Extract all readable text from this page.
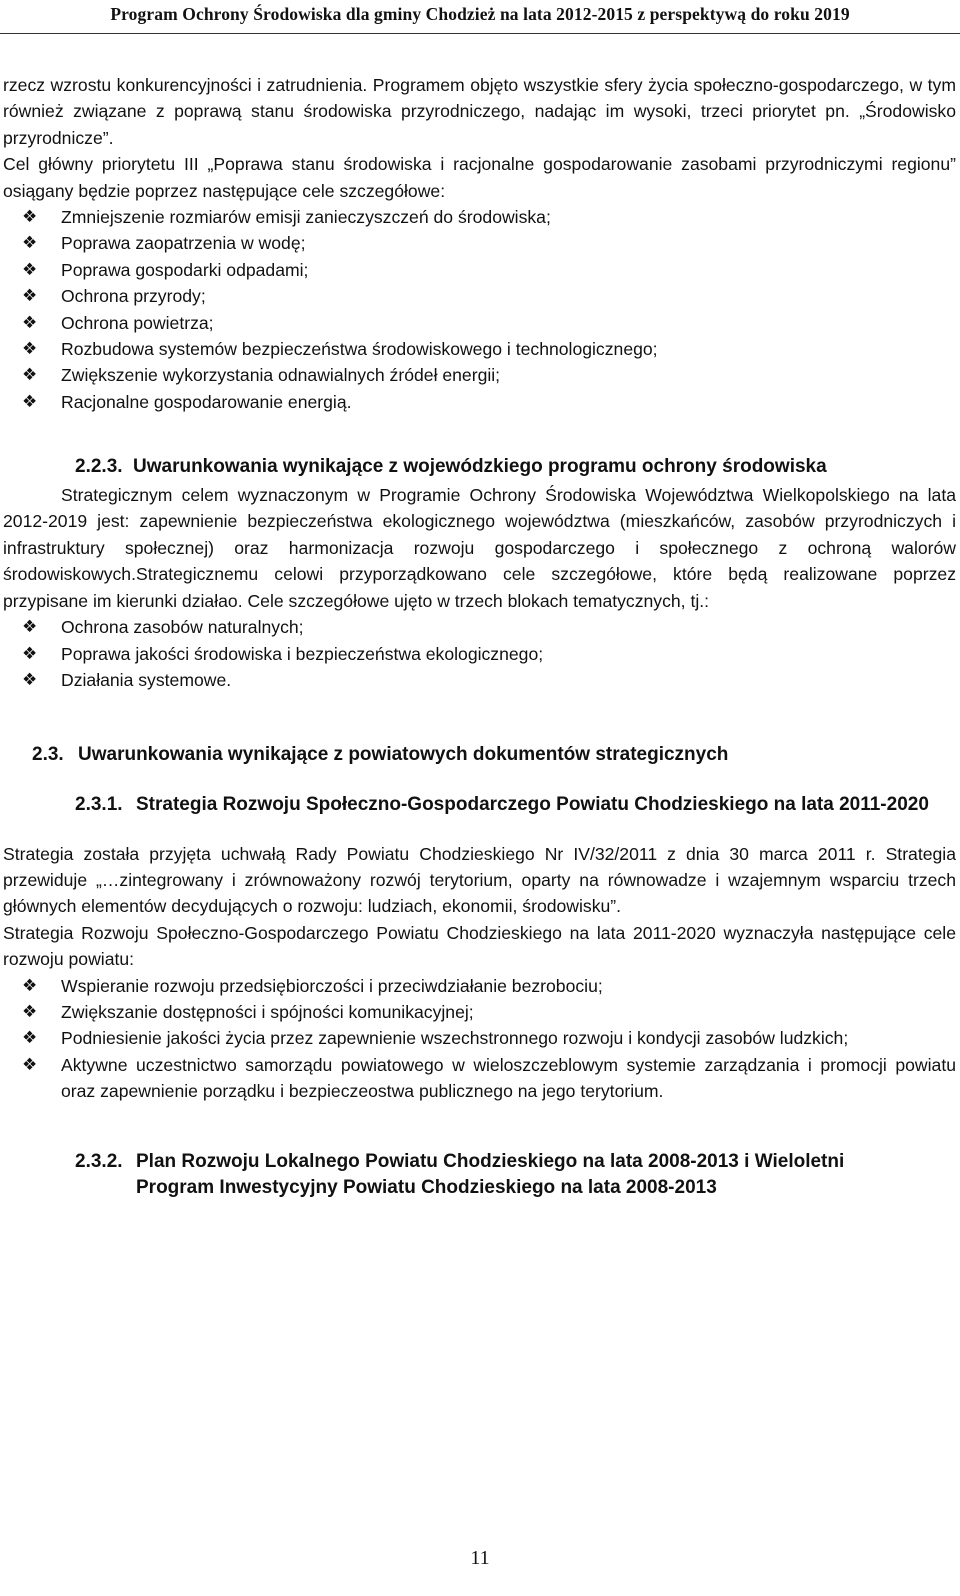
Program Ochrony Środowiska dla gminy Chodzież na lata 2012-2015 z perspektywą do roku 2019

rzecz wzrostu konkurencyjności i zatrudnienia. Programem objęto wszystkie sfery życia społeczno-gospodarczego, w tym również związane z poprawą stanu środowiska przyrodniczego, nadając im wysoki, trzeci priorytet pn. „Środowisko przyrodnicze”.

Cel główny priorytetu III „Poprawa stanu środowiska i racjonalne gospodarowanie zasobami przyrodniczymi regionu” osiągany będzie poprzez następujące cele szczegółowe:

❖ Zmniejszenie rozmiarów emisji zanieczyszczeń do środowiska;
❖ Poprawa zaopatrzenia w wodę;
❖ Poprawa gospodarki odpadami;
❖ Ochrona przyrody;
❖ Ochrona powietrza;
❖ Rozbudowa systemów bezpieczeństwa środowiskowego i technologicznego;
❖ Zwiększenie wykorzystania odnawialnych źródeł energii;
❖ Racjonalne gospodarowanie energią.
2.2.3. Uwarunkowania wynikające z wojewódzkiego programu ochrony środowiska

Strategicznym celem wyznaczonym w Programie Ochrony Środowiska Województwa Wielkopolskiego na lata 2012-2019 jest: zapewnienie bezpieczeństwa ekologicznego województwa (mieszkańców, zasobów przyrodniczych i infrastruktury społecznej) oraz harmonizacja rozwoju gospodarczego i społecznego z ochroną walorów środowiskowych.Strategicznemu celowi przyporządkowano cele szczegółowe, które będą realizowane poprzez przypisane im kierunki działao. Cele szczegółowe ujęto w trzech blokach tematycznych, tj.:

❖ Ochrona zasobów naturalnych;
❖ Poprawa jakości środowiska i bezpieczeństwa ekologicznego;
❖ Działania systemowe.
2.3. Uwarunkowania wynikające z powiatowych dokumentów strategicznych
2.3.1. Strategia Rozwoju Społeczno-Gospodarczego Powiatu Chodzieskiego na lata 2011-2020

Strategia została przyjęta uchwałą Rady Powiatu Chodzieskiego Nr IV/32/2011 z dnia 30 marca 2011 r. Strategia przewiduje „…zintegrowany i zrównoważony rozwój terytorium, oparty na równowadze i wzajemnym wsparciu trzech głównych elementów decydujących o rozwoju: ludziach, ekonomii, środowisku”.

Strategia Rozwoju Społeczno-Gospodarczego Powiatu Chodzieskiego na lata 2011-2020 wyznaczyła następujące cele rozwoju powiatu:

❖ Wspieranie rozwoju przedsiębiorczości i przeciwdziałanie bezrobociu;
❖ Zwiększanie dostępności i spójności komunikacyjnej;
❖ Podniesienie jakości życia przez zapewnienie wszechstronnego rozwoju i kondycji zasobów ludzkich;
❖ Aktywne uczestnictwo samorządu powiatowego w wieloszczeblowym systemie zarządzania i promocji powiatu oraz zapewnienie porządku i bezpieczeostwa publicznego na jego terytorium.
2.3.2. Plan Rozwoju Lokalnego Powiatu Chodzieskiego na lata 2008-2013 i Wieloletni Program Inwestycyjny Powiatu Chodzieskiego na lata 2008-2013
11
